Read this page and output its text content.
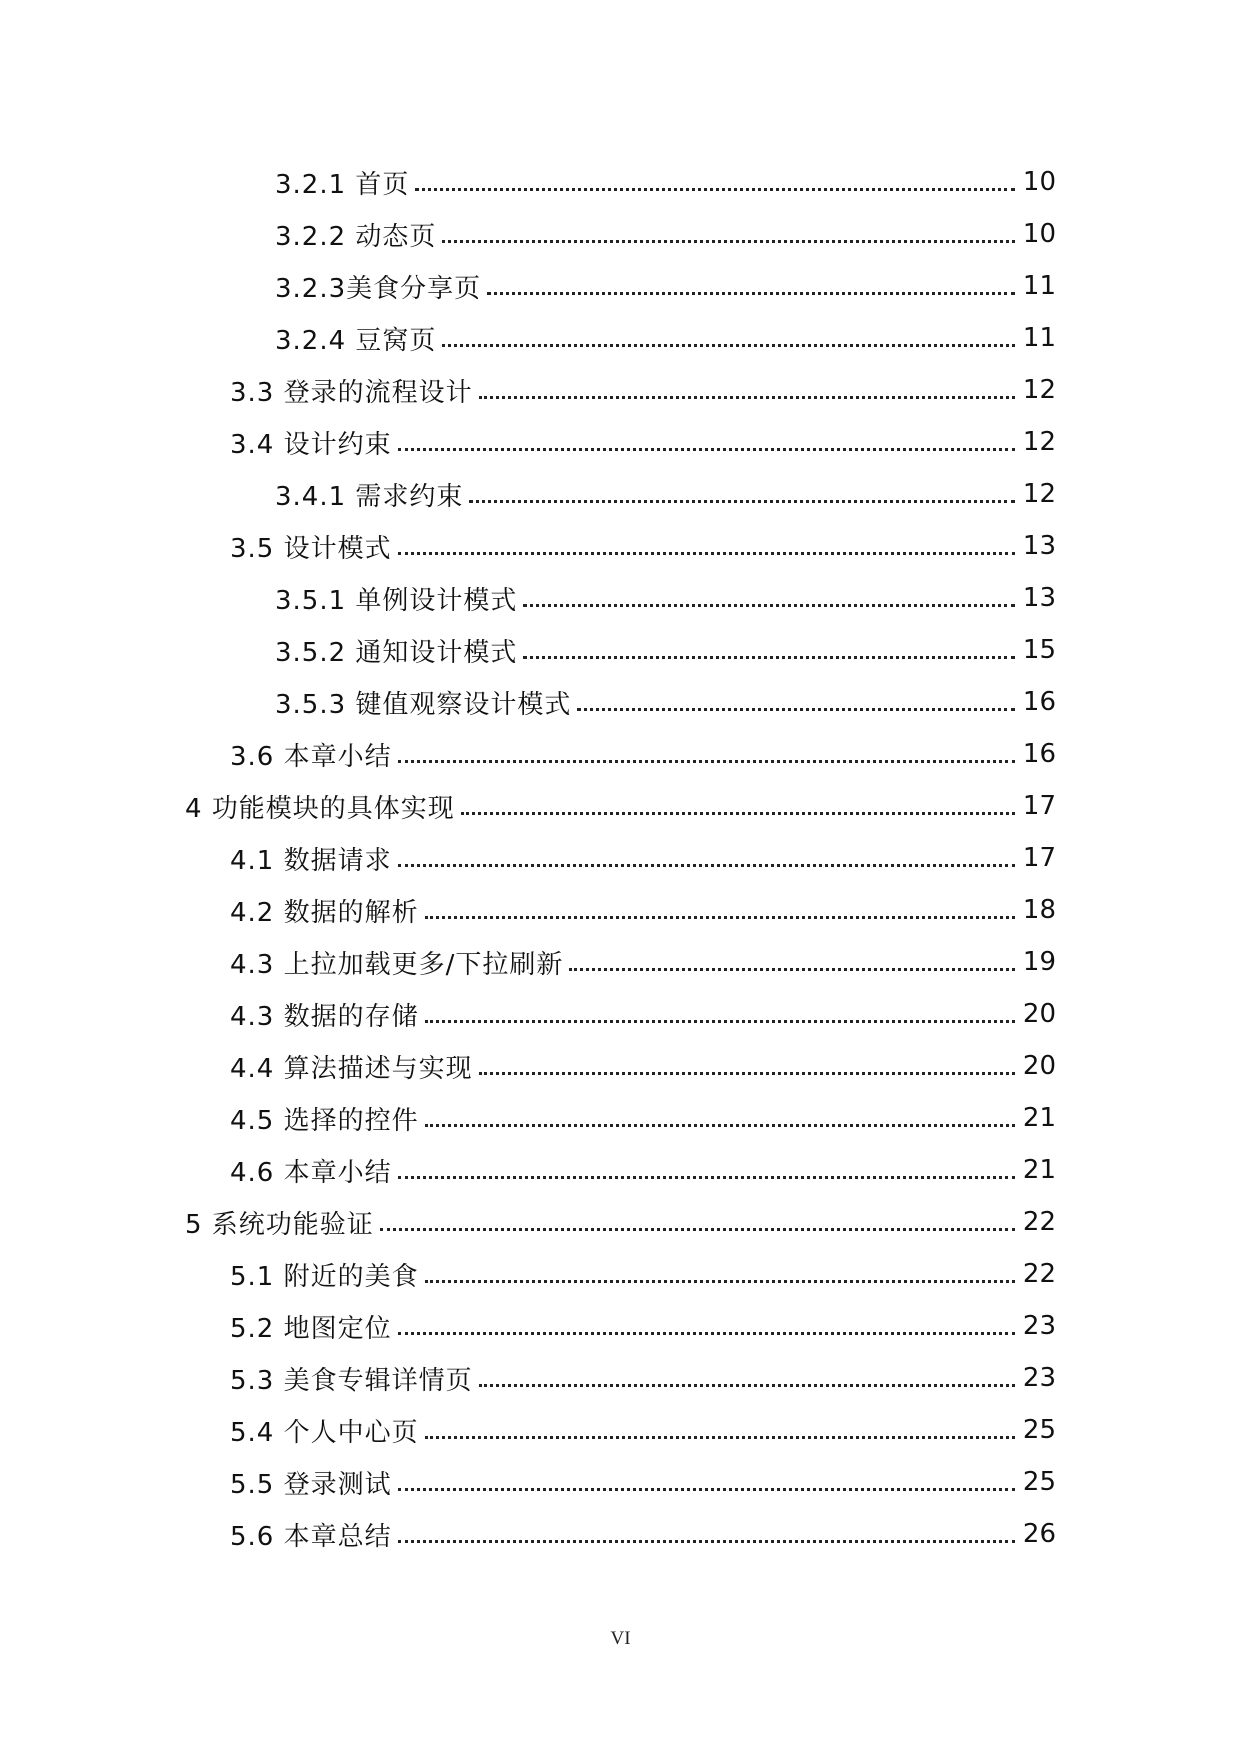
3.2.1 首页	10
3.2.2 动态页	10
3.2.3美食分享页	11
3.2.4 豆窝页	11
3.3 登录的流程设计	12
3.4 设计约束	12
3.4.1 需求约束	12
3.5 设计模式	13
3.5.1 单例设计模式	13
3.5.2 通知设计模式	15
3.5.3 键值观察设计模式	16
3.6 本章小结	16
4 功能模块的具体实现	17
4.1 数据请求	17
4.2 数据的解析	18
4.3 上拉加载更多/下拉刷新	19
4.3 数据的存储	20
4.4 算法描述与实现	20
4.5 选择的控件	21
4.6 本章小结	21
5 系统功能验证	22
5.1 附近的美食	22
5.2 地图定位	23
5.3 美食专辑详情页	23
5.4 个人中心页	25
5.5 登录测试	25
5.6 本章总结	26
VI
